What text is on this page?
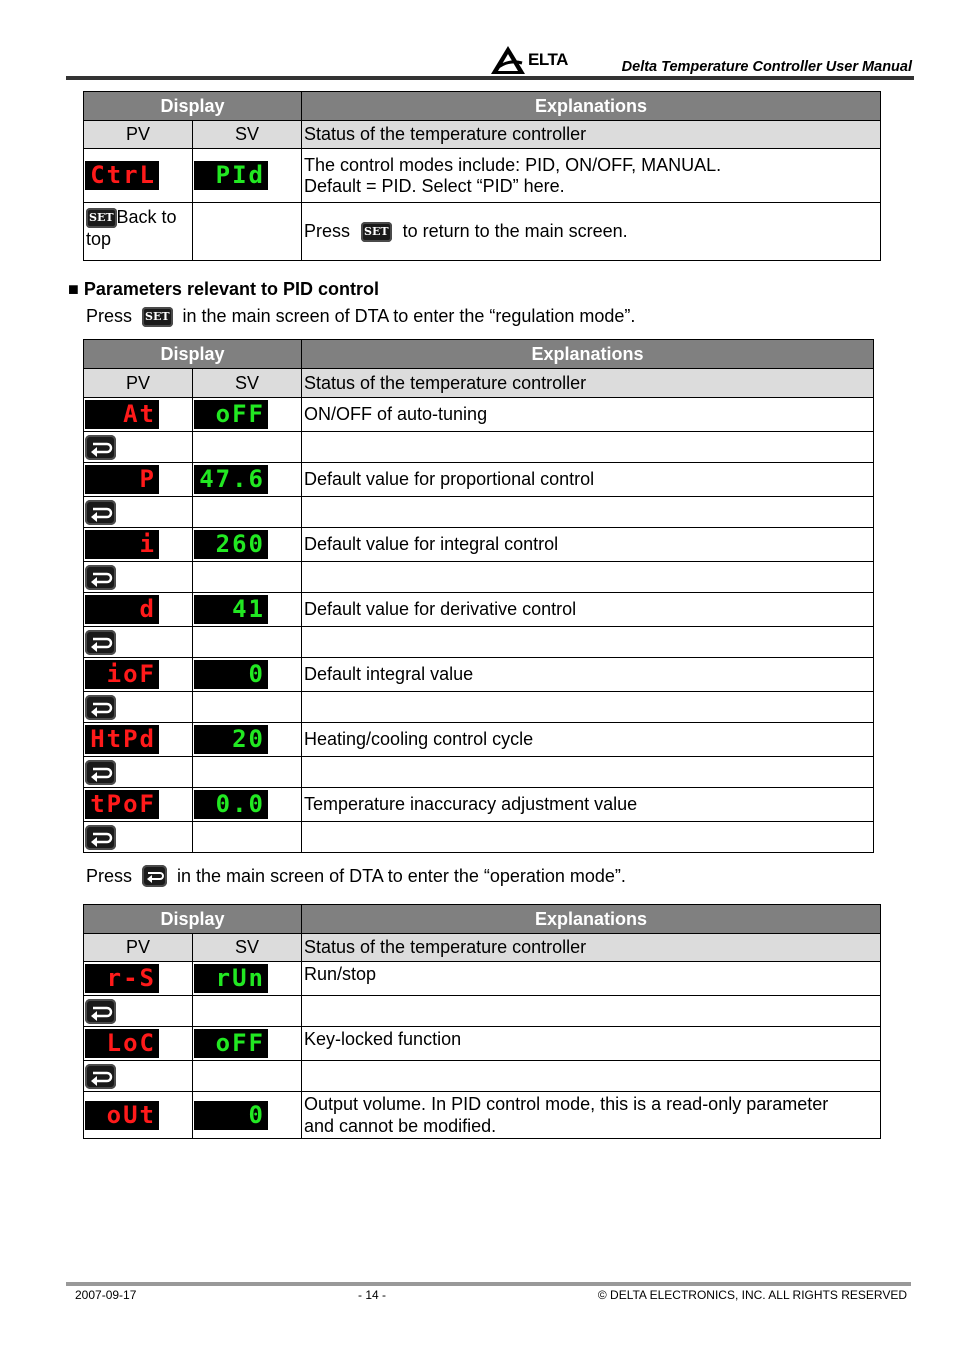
ELTA	Delta Temperature Controller User Manual
Display		Explanations
PV	SV	Status of the temperature controller

CtrL	PId	The control modes include: PID, ON/OFF, MANUAL.
Default = PID. Select “PID” here.

SET Back to top		Press SET to return to the main screen.
■ Parameters relevant to PID control
Press SET in the main screen of DTA to enter the “regulation mode”.
Display		Explanations
PV	SV	Status of the temperature controller

At	oFF	ON/OFF of auto-tuning

P	47.6	Default value for proportional control

i	260	Default value for integral control

d	41	Default value for derivative control

ioF	0	Default integral value

HtPd	20	Heating/cooling control cycle

tPoF	0.0	Temperature inaccuracy adjustment value

Press	in the main screen of DTA to enter the “operation mode”.
Display		Explanations
PV	SV	Status of the temperature controller

r-S	rUn	Run/stop

LoC	oFF	Key-locked function

oUt	0	Output volume. In PID control mode, this is a read-only parameter
and cannot be modified.
2007-09-17	- 14 -	© DELTA ELECTRONICS, INC. ALL RIGHTS RESERVED
